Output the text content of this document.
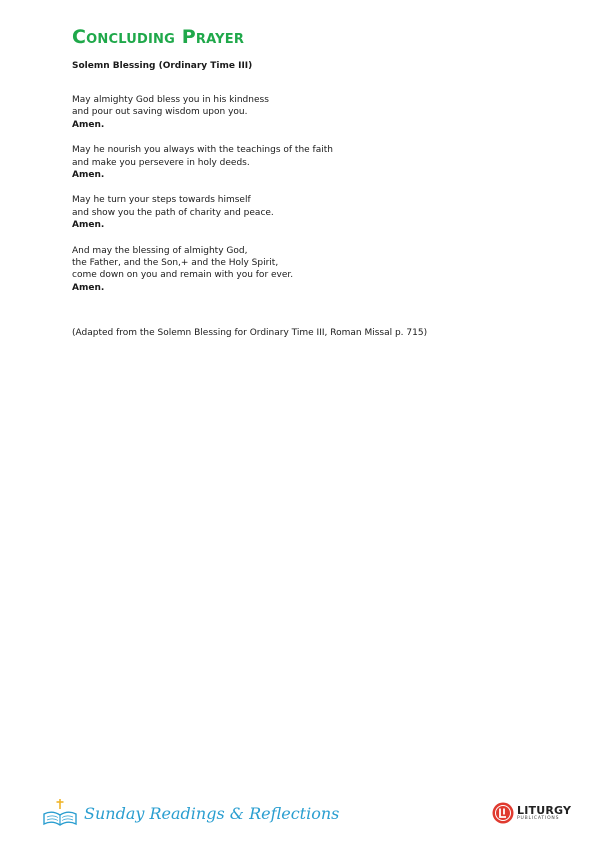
Concluding Prayer

Solemn Blessing (Ordinary Time III)

May almighty God bless you in his kindness
and pour out saving wisdom upon you.
Amen.
May he nourish you always with the teachings of the faith
and make you persevere in holy deeds.
Amen.
May he turn your steps towards himself
and show you the path of charity and peace.
Amen.
And may the blessing of almighty God,
the Father, and the Son,+ and the Holy Spirit,
come down on you and remain with you for ever.
Amen.

(Adapted from the Solemn Blessing for Ordinary Time III, Roman Missal p. 715)

Sunday Readings & Reflections	LITURGY
PUBLICATIONS
